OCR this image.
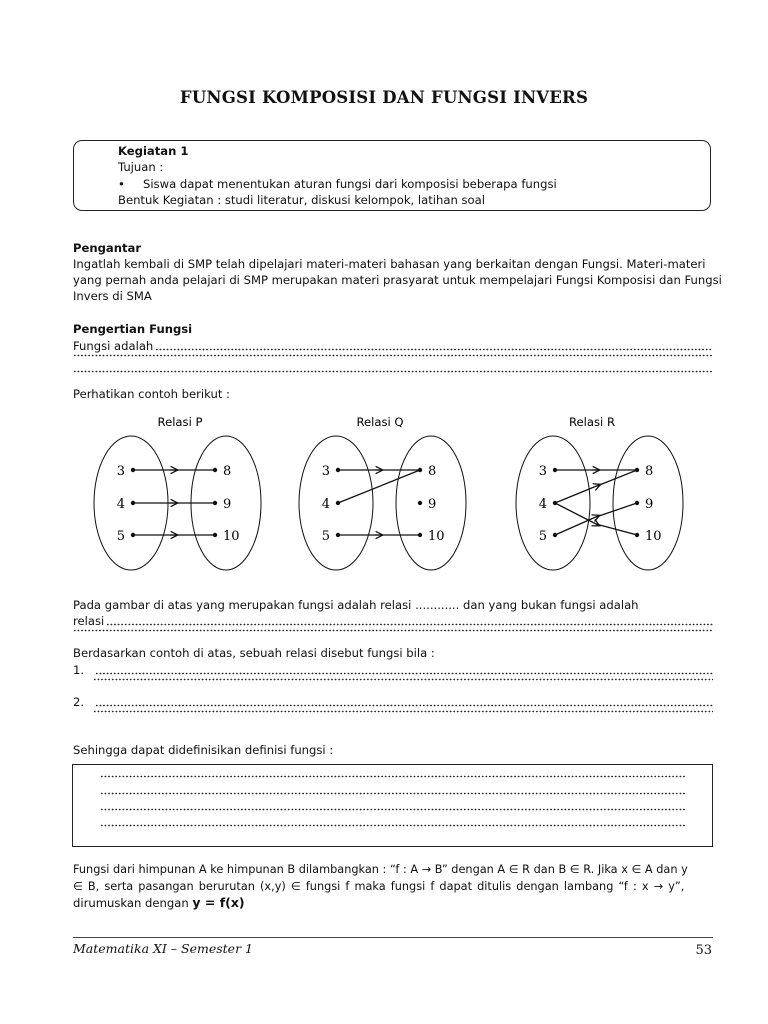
FUNGSI KOMPOSISI DAN FUNGSI INVERS
Kegiatan 1
Tujuan :
•	Siswa dapat menentukan aturan fungsi dari komposisi beberapa fungsi
Bentuk Kegiatan : studi literatur, diskusi kelompok, latihan soal
Pengantar
Ingatlah kembali di SMP telah dipelajari materi-materi bahasan yang berkaitan dengan Fungsi. Materi-materi
yang pernah anda pelajari di SMP merupakan materi prasyarat untuk mempelajari Fungsi Komposisi dan Fungsi
Invers di SMA
Pengertian Fungsi
Fungsi adalah
Perhatikan contoh berikut :
Relasi P	Relasi Q	Relasi R
3	8
4	9
5	10
3	8
4	9
5	10
3	8
4	9
5	10
Pada gambar di atas yang merupakan fungsi adalah relasi ............ dan yang bukan fungsi adalah
relasi
Berdasarkan contoh di atas, sebuah relasi disebut fungsi bila :
1.
2.
Sehingga dapat didefinisikan definisi fungsi :
Fungsi dari himpunan A ke himpunan B dilambangkan : “f : A → B” dengan A ∈ R dan B ∈ R. Jika x ∈ A dan y
∈ B, serta pasangan berurutan (x,y) ∈ fungsi f maka fungsi f dapat ditulis dengan lambang “f : x → y”,
dirumuskan dengan y = f(x)
Matematika XI – Semester 1	53
